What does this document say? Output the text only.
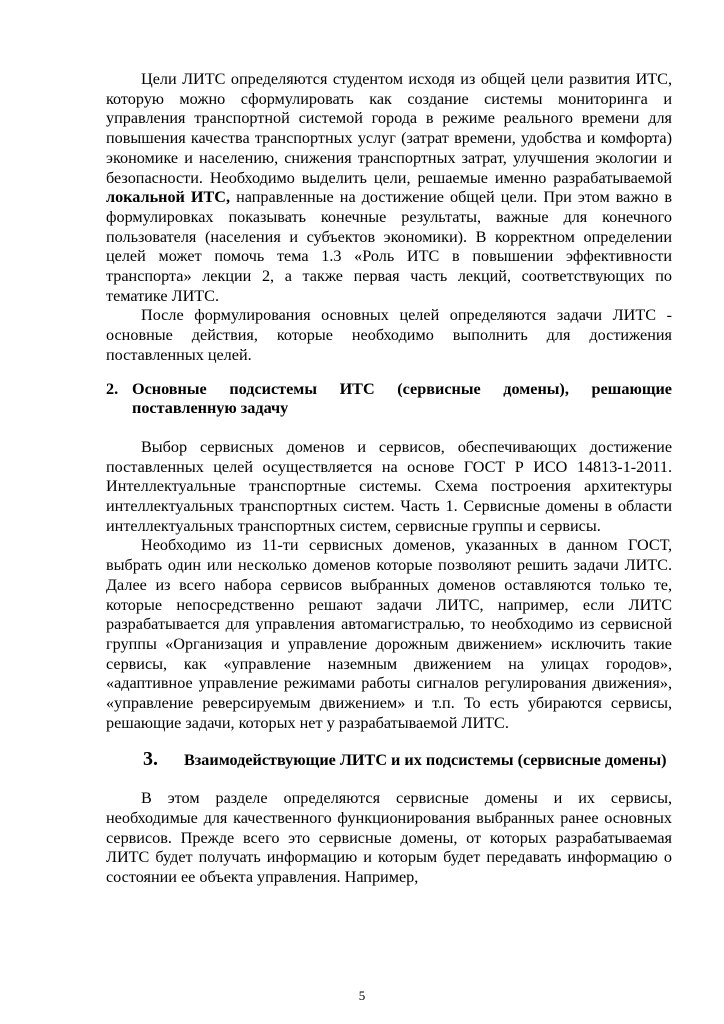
Цели ЛИТС определяются студентом исходя из общей цели развития ИТС, которую можно сформулировать как создание системы мониторинга и управления транспортной системой города в режиме реального времени для повышения качества транспортных услуг (затрат времени, удобства и комфорта) экономике и населению, снижения транспортных затрат, улучшения экологии и безопасности. Необходимо выделить цели, решаемые именно разрабатываемой локальной ИТС, направленные на достижение общей цели. При этом важно в формулировках показывать конечные результаты, важные для конечного пользователя (населения и субъектов экономики). В корректном определении целей может помочь тема 1.3 «Роль ИТС в повышении эффективности транспорта» лекции 2, а также первая часть лекций, соответствующих по тематике ЛИТС.

После формулирования основных целей определяются задачи ЛИТС - основные действия, которые необходимо выполнить для достижения поставленных целей.

2. Основные подсистемы ИТС (сервисные домены), решающие поставленную задачу

Выбор сервисных доменов и сервисов, обеспечивающих достижение поставленных целей осуществляется на основе ГОСТ Р ИСО 14813-1-2011. Интеллектуальные транспортные системы. Схема построения архитектуры интеллектуальных транспортных систем. Часть 1. Сервисные домены в области интеллектуальных транспортных систем, сервисные группы и сервисы.

Необходимо из 11-ти сервисных доменов, указанных в данном ГОСТ, выбрать один или несколько доменов которые позволяют решить задачи ЛИТС. Далее из всего набора сервисов выбранных доменов оставляются только те, которые непосредственно решают задачи ЛИТС, например, если ЛИТС разрабатывается для управления автомагистралью, то необходимо из сервисной группы «Организация и управление дорожным движением» исключить такие сервисы, как «управление наземным движением на улицах городов», «адаптивное управление режимами работы сигналов регулирования движения», «управление реверсируемым движением» и т.п. То есть убираются сервисы, решающие задачи, которых нет у разрабатываемой ЛИТС.

3. Взаимодействующие ЛИТС и их подсистемы (сервисные домены)

В этом разделе определяются сервисные домены и их сервисы, необходимые для качественного функционирования выбранных ранее основных сервисов. Прежде всего это сервисные домены, от которых разрабатываемая ЛИТС будет получать информацию и которым будет передавать информацию о состоянии ее объекта управления. Например,

5
